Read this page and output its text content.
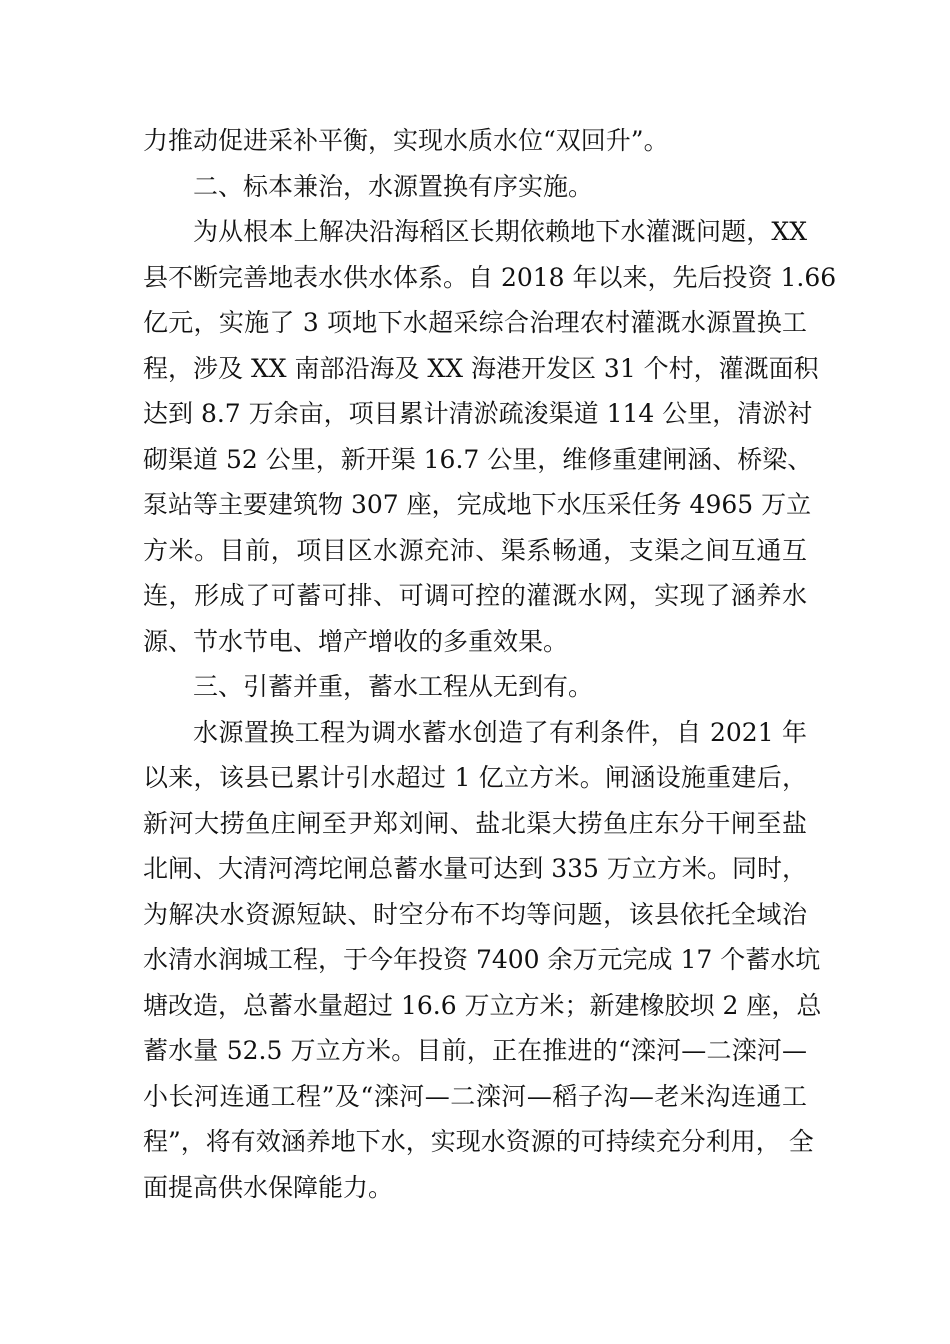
力推动促进采补平衡，实现水质水位“双回升”。
二、标本兼治，水源置换有序实施。
为从根本上解决沿海稻区长期依赖地下水灌溉问题，XX
县不断完善地表水供水体系。自 2018 年以来，先后投资 1.66
亿元，实施了 3 项地下水超采综合治理农村灌溉水源置换工
程，涉及 XX 南部沿海及 XX 海港开发区 31 个村，灌溉面积
达到 8.7 万余亩，项目累计清淤疏浚渠道 114 公里，清淤衬
砌渠道 52 公里，新开渠 16.7 公里，维修重建闸涵、桥梁、
泵站等主要建筑物 307 座，完成地下水压采任务 4965 万立
方米。目前，项目区水源充沛、渠系畅通，支渠之间互通互
连，形成了可蓄可排、可调可控的灌溉水网，实现了涵养水
源、节水节电、增产增收的多重效果。
三、引蓄并重，蓄水工程从无到有。
水源置换工程为调水蓄水创造了有利条件，自 2021 年
以来，该县已累计引水超过 1 亿立方米。闸涵设施重建后，
新河大捞鱼庄闸至尹郑刘闸、盐北渠大捞鱼庄东分干闸至盐
北闸、大清河湾坨闸总蓄水量可达到 335 万立方米。同时，
为解决水资源短缺、时空分布不均等问题，该县依托全域治
水清水润城工程，于今年投资 7400 余万元完成 17 个蓄水坑
塘改造，总蓄水量超过 16.6 万立方米；新建橡胶坝 2 座，总
蓄水量 52.5 万立方米。目前，正在推进的“滦河—二滦河—
小长河连通工程”及“滦河—二滦河—稻子沟—老米沟连通工
程”，将有效涵养地下水，实现水资源的可持续充分利用， 全
面提高供水保障能力。
